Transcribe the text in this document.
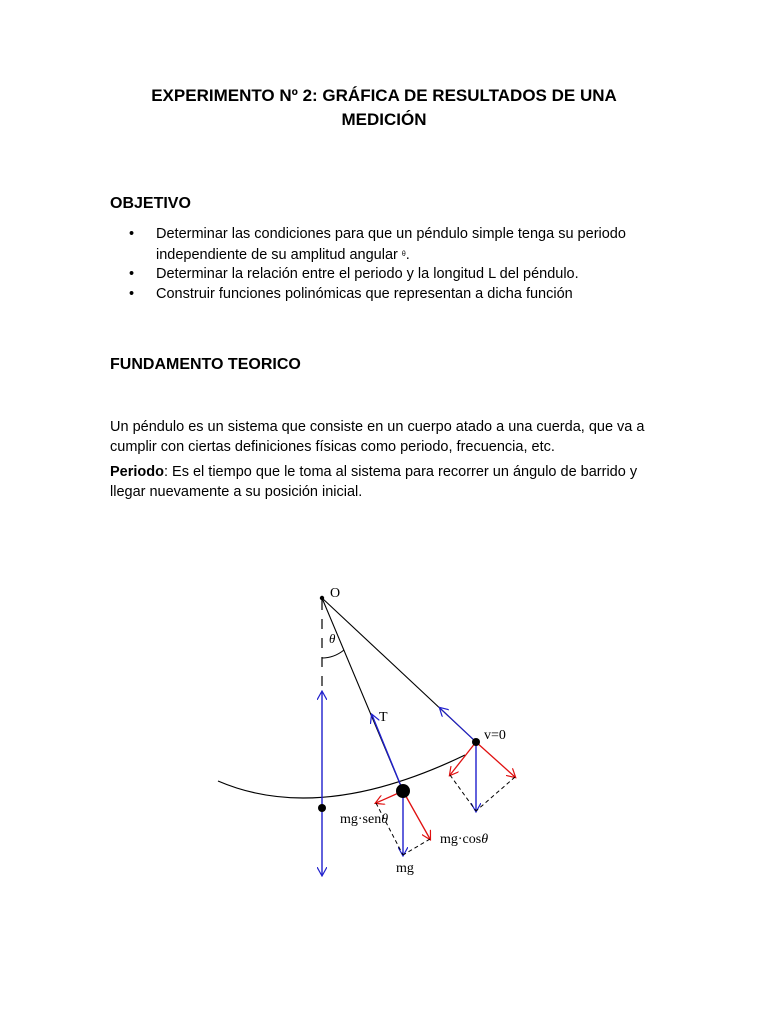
EXPERIMENTO Nº 2: GRÁFICA DE RESULTADOS DE UNA MEDICIÓN
OBJETIVO
• Determinar las condiciones para que un péndulo simple tenga su periodo independiente de su amplitud angular $^\theta$.
• Determinar la relación entre el periodo y la longitud L del péndulo.
• Construir funciones polinómicas que representan a dicha función
FUNDAMENTO TEORICO

Un péndulo es un sistema que consiste en un cuerpo atado a una cuerda, que va a cumplir con ciertas definiciones físicas como periodo, frecuencia, etc.

Periodo: Es el tiempo que le toma al sistema para recorrer un ángulo de barrido y llegar nuevamente a su posición inicial.

O
θ
T
v=0
mg·senθ
mg·cosθ
mg
